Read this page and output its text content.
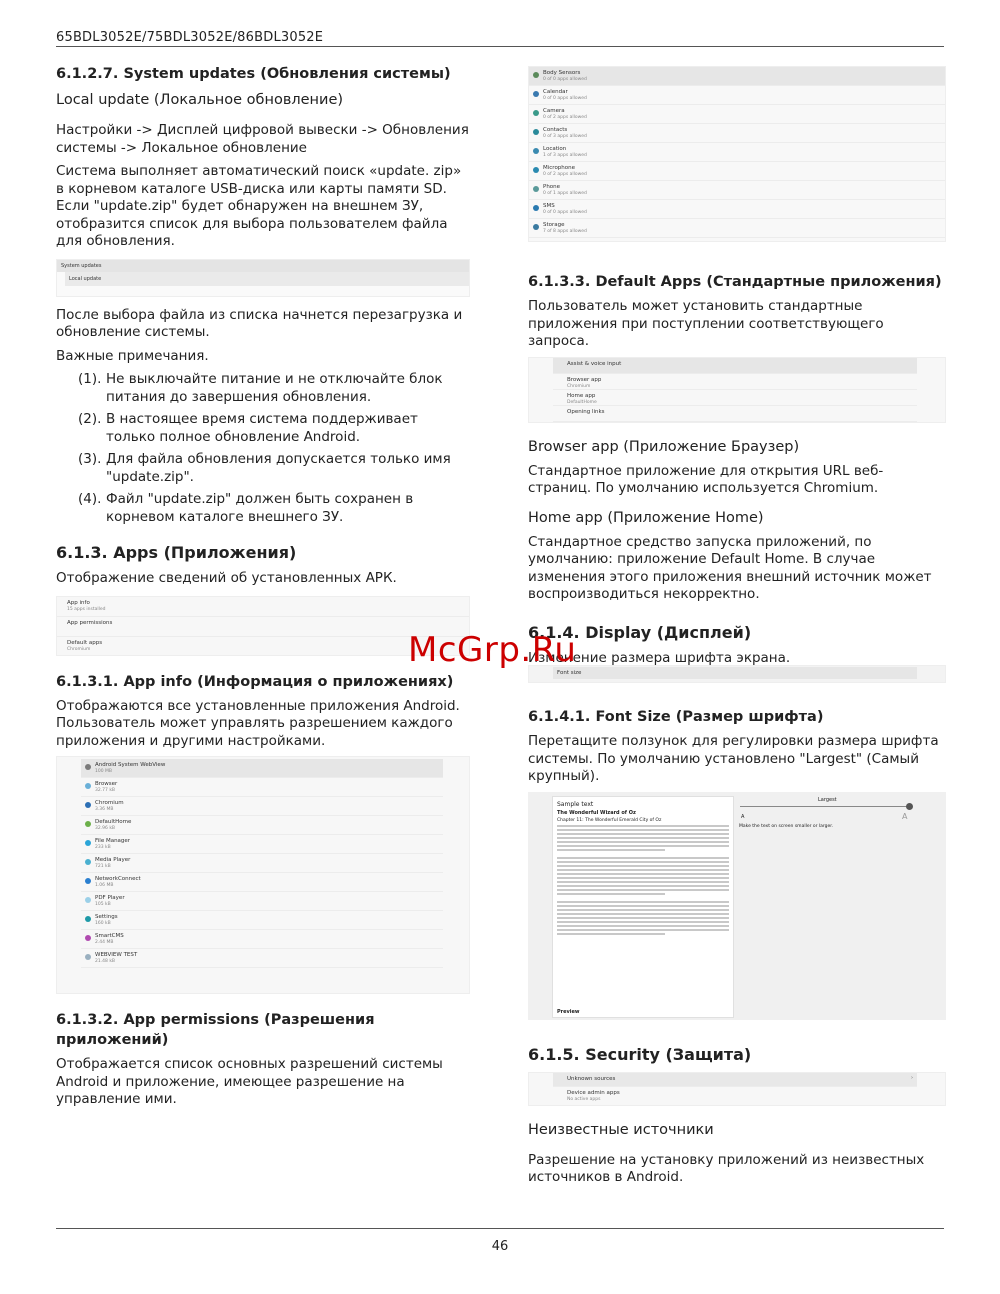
65BDL3052E/75BDL3052E/86BDL3052E
6.1.2.7. System updates (Обновления системы)
Local update (Локальное обновление)

Настройки -> Дисплей цифровой вывески -> Обновления системы -> Локальное обновление

Система выполняет автоматический поиск «update. zip» в корневом каталоге USB-диска или карты памяти SD. Если "update.zip" будет обнаружен на внешнем ЗУ, отобразится список для выбора пользователем файла для обновления.

System updates
Local update

После выбора файла из списка начнется перезагрузка и обновление системы.

Важные примечания.

(1). Не выключайте питание и не отключайте блок питания до завершения обновления.
(2). В настоящее время система поддерживает только полное обновление Android.
(3). Для файла обновления допускается только имя "update.zip".
(4). Файл "update.zip" должен быть сохранен в корневом каталоге внешнего ЗУ.
6.1.3. Apps (Приложения)

Отображение сведений об установленных АРК.

App info
15 apps installed
App permissions
Default apps
Chromium
6.1.3.1. App info (Информация о приложениях)

Отображаются все установленные приложения Android. Пользователь может управлять разрешением каждого приложения и другими настройками.

Android System WebView
100 MB
Browser
32.77 kB
Chromium
3.36 MB
DefaultHome
32.96 kB
File Manager
233 kB
Media Player
721 kB
NetworkConnect
1.06 MB
PDF Player
105 kB
Settings
160 kB
SmartCMS
2.44 MB
WEBVIEW TEST
21.48 kB
6.1.3.2. App permissions (Разрешения приложений)

Отображается список основных разрешений системы Android и приложение, имеющее разрешение на управление ими.

Body Sensors
0 of 0 apps allowed
Calendar
0 of 0 apps allowed
Camera
0 of 2 apps allowed
Contacts
0 of 3 apps allowed
Location
1 of 3 apps allowed
Microphone
0 of 2 apps allowed
Phone
0 of 1 apps allowed
SMS
0 of 0 apps allowed
Storage
7 of 8 apps allowed
6.1.3.3. Default Apps (Стандартные приложения)

Пользователь может установить стандартные приложения при поступлении соответствующего запроса.

Assist & voice input
Browser app
Chromium
Home app
DefaultHome
Opening links
Browser app (Приложение Браузер)

Стандартное приложение для открытия URL веб-страниц. По умолчанию используется Chromium.

Home app (Приложение Home)

Стандартное средство запуска приложений, по умолчанию: приложение Default Home. В случае изменения этого приложения внешний источник может воспроизводиться некорректно.

6.1.4. Display (Дисплей)

Изменение размера шрифта экрана.

Font size
6.1.4.1. Font Size (Размер шрифта)

Перетащите ползунок для регулировки размера шрифта системы. По умолчанию установлено "Largest" (Самый крупный).

Sample text
The Wonderful Wizard of Oz
Chapter 11: The Wonderful Emerald City of Oz
Preview
Largest
A	A
Make the text on screen smaller or larger.
6.1.5. Security (Защита)
Unknown sources	›
Device admin apps
No active apps
Неизвестные источники

Разрешение на установку приложений из неизвестных источников в Android.

McGrp.Ru
46
